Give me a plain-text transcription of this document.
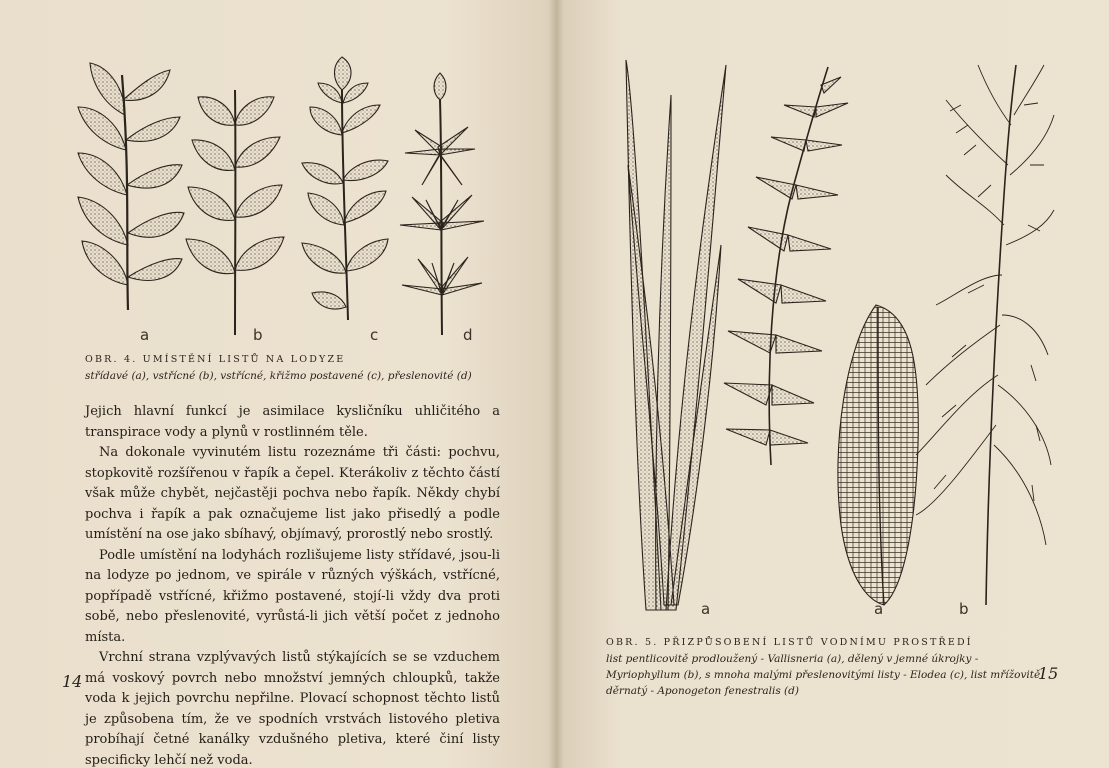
a	b	c	d
OBR. 4. UMÍSTĚNÍ LISTŮ NA LODYZE
střídavé (a), vstřícné (b), vstřícné, křižmo postavené (c), přeslenovité (d)

Jejich hlavní funkcí je asimilace kysličníku uhličitého a transpirace vody a plynů v rostlinném těle.

Na dokonale vyvinutém listu rozeznáme tři části: pochvu, stopkovitě rozšířenou v řapík a čepel. Kterákoliv z těchto částí však může chybět, nejčastěji pochva nebo řapík. Někdy chybí pochva i řapík a pak označujeme list jako přisedlý a podle umístění na ose jako sbíhavý, objímavý, prorostlý nebo srostlý.

Podle umístění na lodyhách rozlišujeme listy střídavé, jsou-li na lodyze po jednom, ve spirále v různých výškách, vstřícné, popřípadě vstřícné, křižmo postavené, stojí-li vždy dva proti sobě, nebo přeslenovité, vyrůstá-li jich větší počet z jednoho místa.

Vrchní strana vzplývavých listů stýkajících se se vzduchem má voskový povrch nebo množství jemných chloupků, takže voda k jejich povrchu nepřilne. Plovací schopnost těchto listů je způsobena tím, že ve spodních vrstvách listového pletiva probíhají četné kanálky vzdušného pletiva, které činí listy specificky lehčí než voda.

14
a	a	b
OBR. 5. PŘIZPŮSOBENÍ LISTŮ VODNÍMU PROSTŘEDÍ
list pentlicovitě prodloužený - Vallisneria (a), dělený v jemné úkrojky - Myriophyllum (b), s mnoha malými přeslenovitými listy - Elodea (c), list mřížovitě děrnatý - Aponogeton fenestralis (d)
15
